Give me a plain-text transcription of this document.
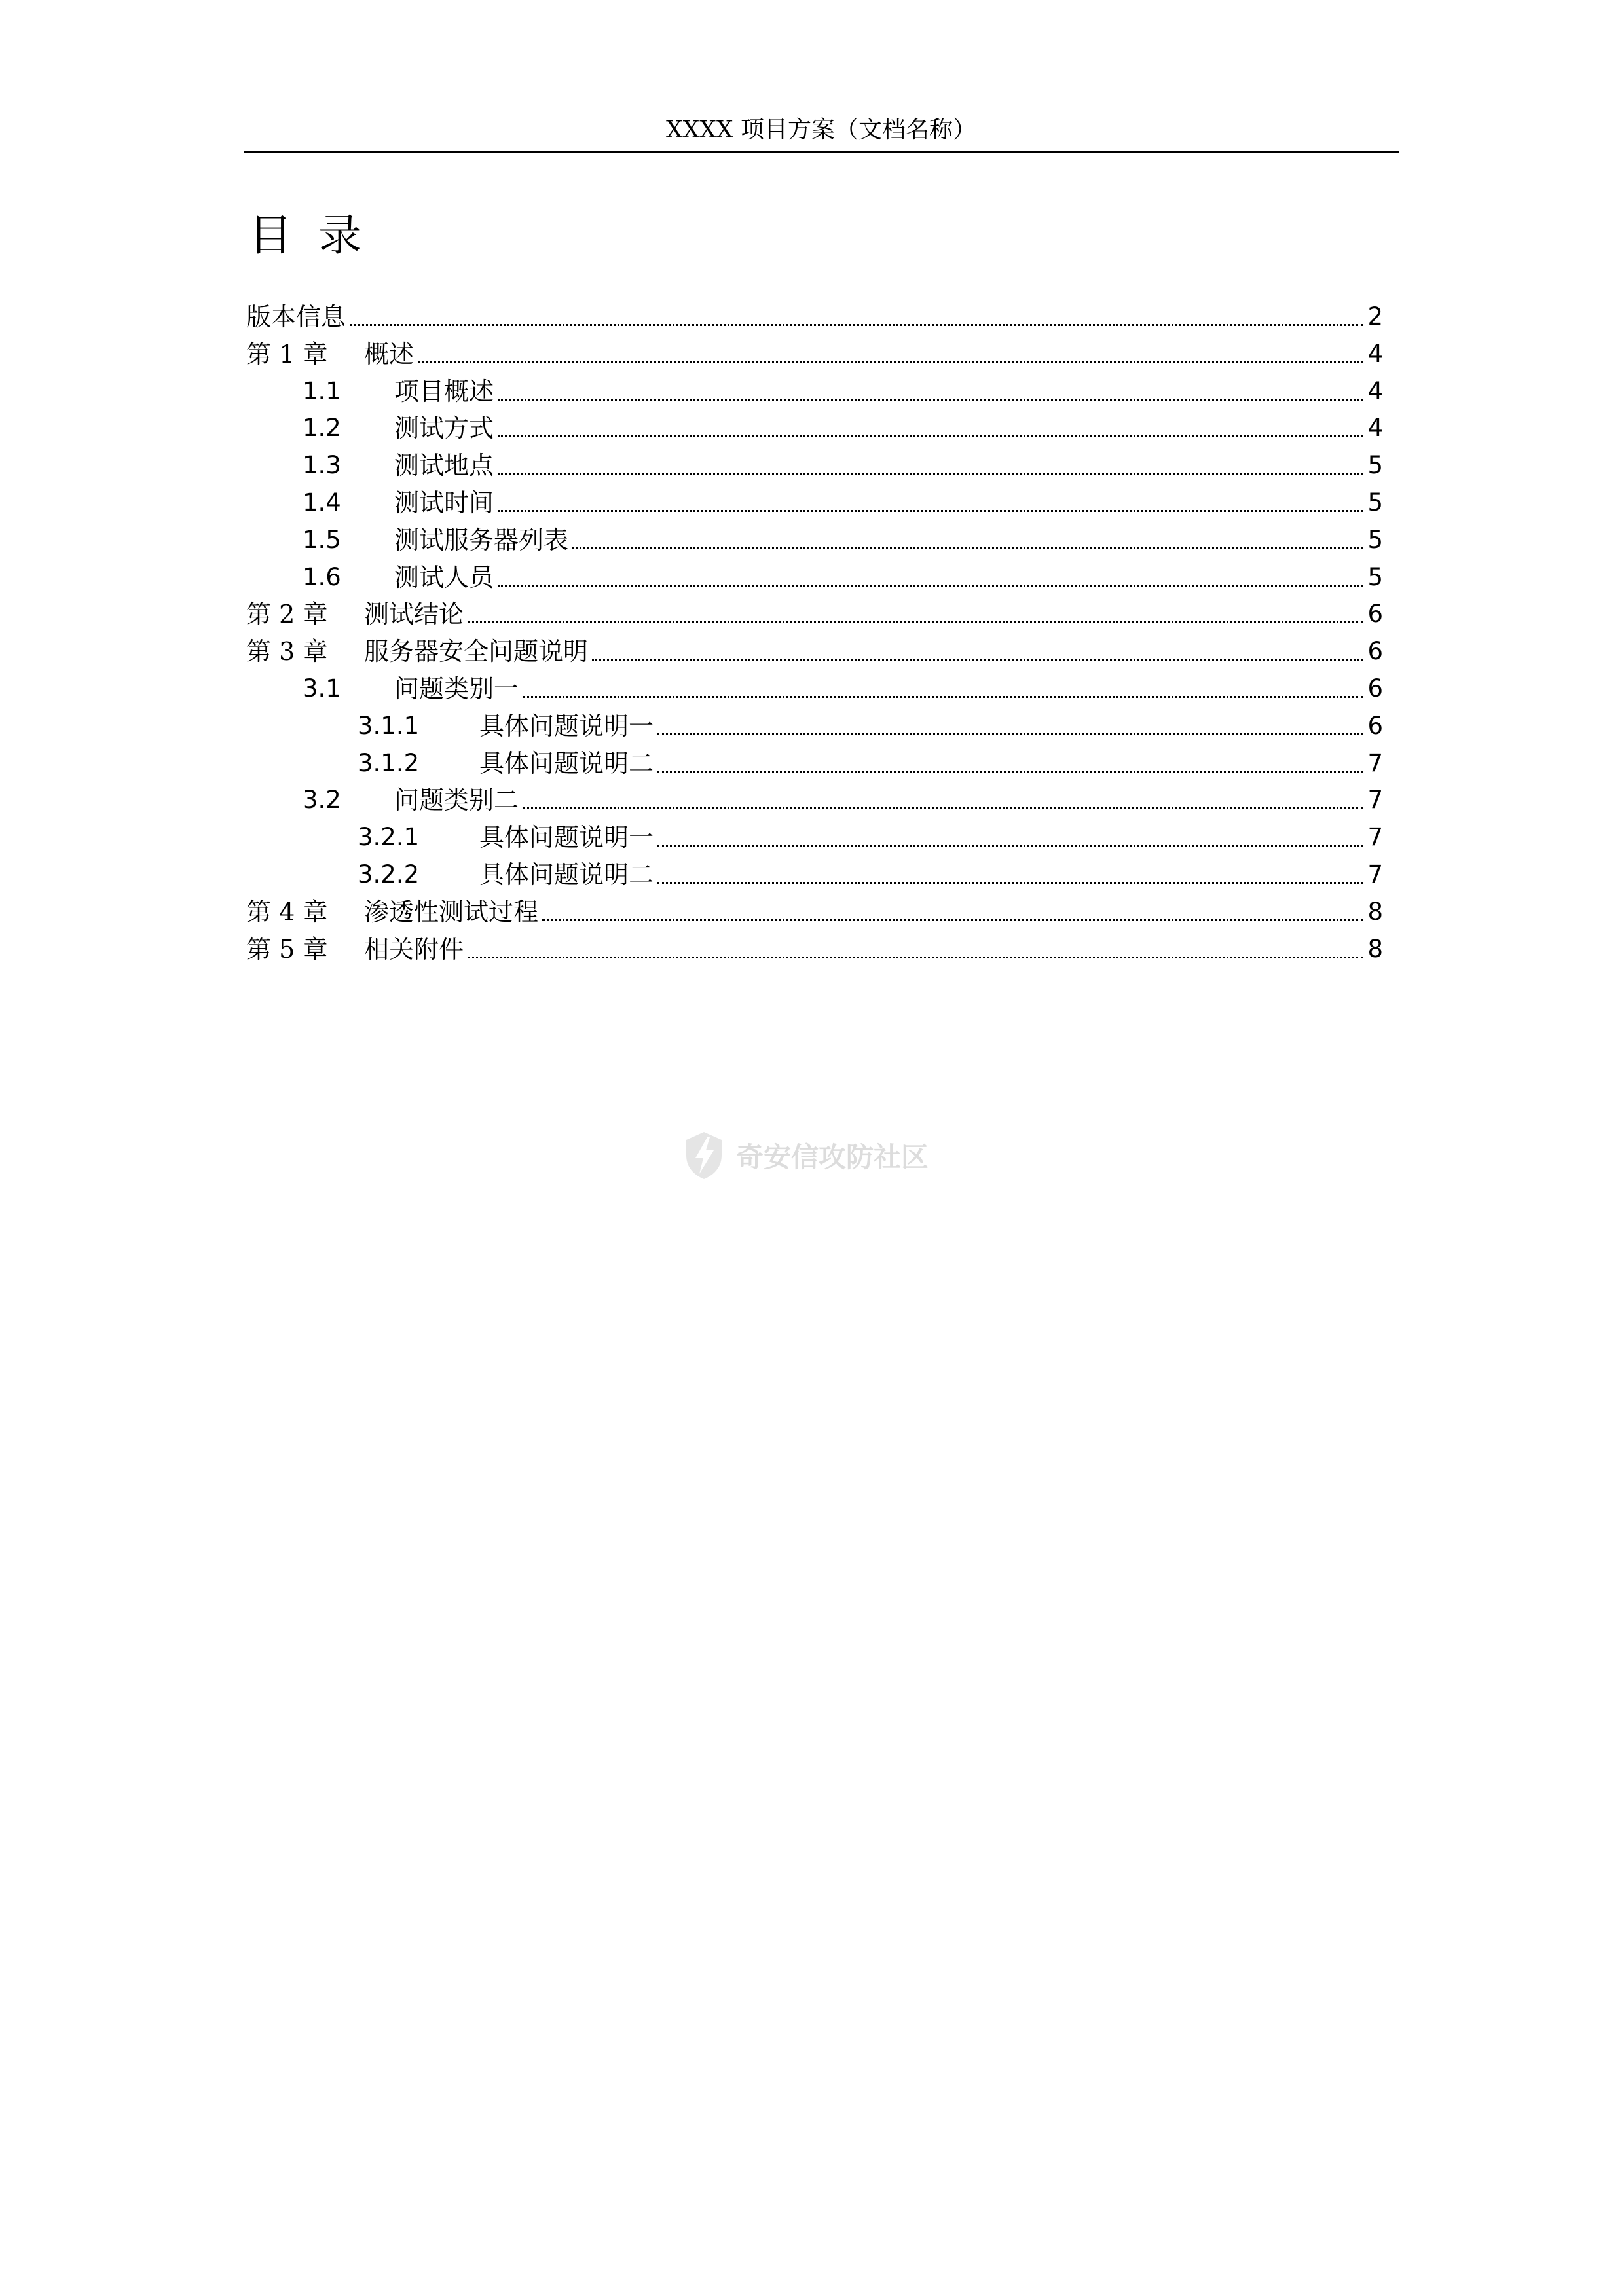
XXXX 项目方案（文档名称）
目录
版本信息	2
第 1 章 概述	4
1.1 项目概述	4
1.2 测试方式	4
1.3 测试地点	5
1.4 测试时间	5
1.5 测试服务器列表	5
1.6 测试人员	5
第 2 章 测试结论	6
第 3 章 服务器安全问题说明	6
3.1 问题类别一	6
3.1.1 具体问题说明一	6
3.1.2 具体问题说明二	7
3.2 问题类别二	7
3.2.1 具体问题说明一	7
3.2.2 具体问题说明二	7
第 4 章 渗透性测试过程	8
第 5 章 相关附件	8
奇安信攻防社区
